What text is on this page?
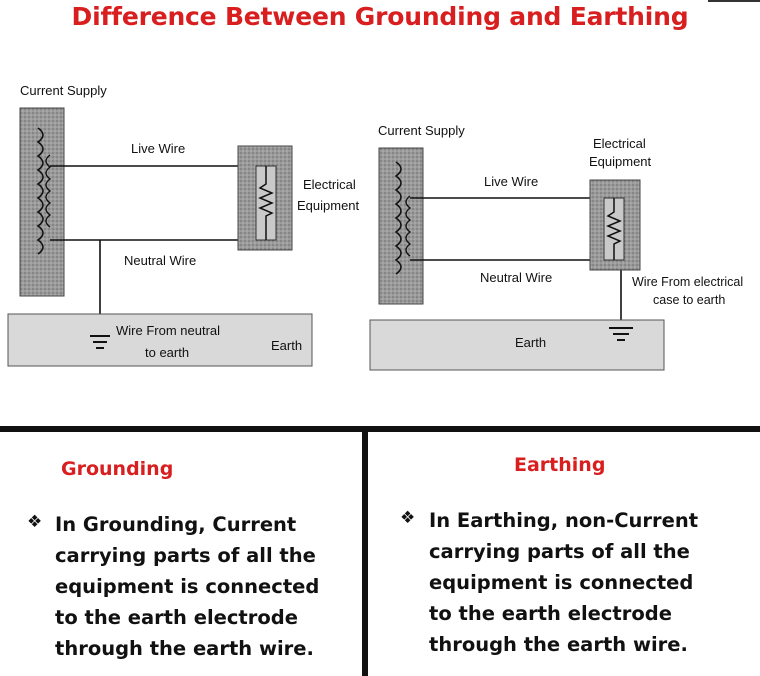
Difference Between Grounding and Earthing
Current Supply
Live Wire
Neutral Wire
Electrical
Equipment
Wire From neutral
to earth	Earth
Current Supply
Live Wire
Neutral Wire
Electrical
Equipment
Wire From electrical
case to earth
Earth
Grounding
❖ In Grounding, Current
carrying parts of all the
equipment is connected
to the earth electrode
through the earth wire.
Earthing
❖ In Earthing, non-Current
carrying parts of all the
equipment is connected
to the earth electrode
through the earth wire.
